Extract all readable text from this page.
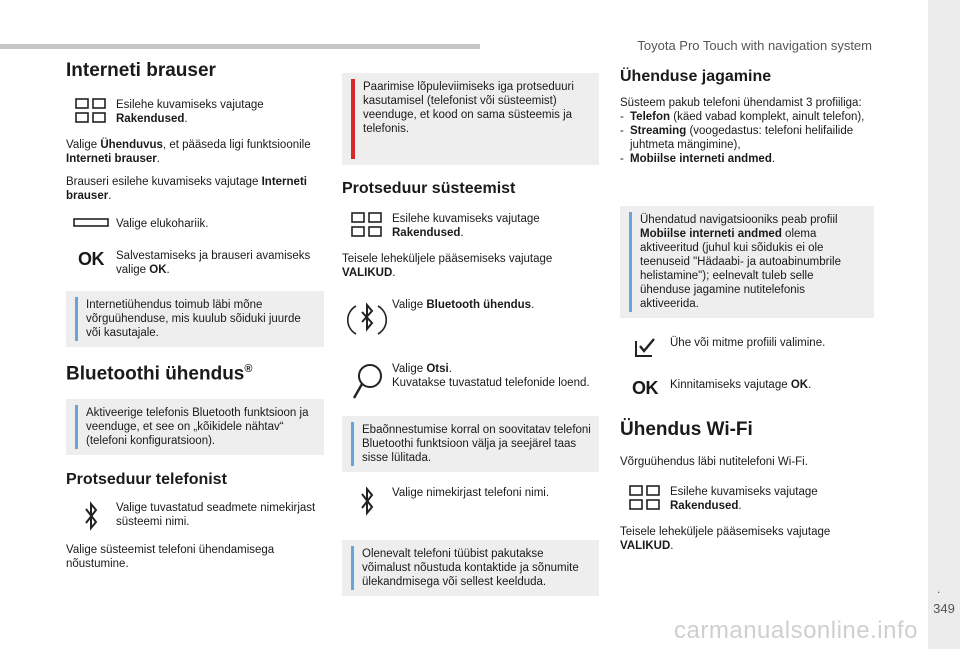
Toyota Pro Touch with navigation system
.
349
carmanualsonline.info
Interneti brauser

Esilehe kuvamiseks vajutage Rakendused.

Valige Ühenduvus, et pääseda ligi funktsioonile Interneti brauser.

Brauseri esilehe kuvamiseks vajutage Interneti brauser.

Valige elukohariik.

OK Salvestamiseks ja brauseri avamiseks valige OK.

Internetiühendus toimub läbi mõne võrguühenduse, mis kuulub sõiduki juurde või kasutajale.

Bluetoothi ühendus®

Aktiveerige telefonis Bluetooth funktsioon ja veenduge, et see on „kõikidele nähtav“ (telefoni konfiguratsioon).

Protseduur telefonist

Valige tuvastatud seadmete nimekirjast süsteemi nimi.

Valige süsteemist telefoni ühendamisega nõustumine.

Paarimise lõpuleviimiseks iga protseduuri kasutamisel (telefonist või süsteemist) veenduge, et kood on sama süsteemis ja telefonis.

Protseduur süsteemist

Esilehe kuvamiseks vajutage Rakendused.

Teisele leheküljele pääsemiseks vajutage VALIKUD.

Valige Bluetooth ühendus.

Valige Otsi.
Kuvatakse tuvastatud telefonide loend.

Ebaõnnestumise korral on soovitatav telefoni Bluetoothi funktsioon välja ja seejärel taas sisse lülitada.

Valige nimekirjast telefoni nimi.

Olenevalt telefoni tüübist pakutakse võimalust nõustuda kontaktide ja sõnumite ülekandmisega või sellest keelduda.

Ühenduse jagamine

Süsteem pakub telefoni ühendamist 3 profiiliga:

- Telefon (käed vabad komplekt, ainult telefon),
- Streaming (voogedastus: telefoni helifailide juhtmeta mängimine),
- Mobiilse interneti andmed.

Ühendatud navigatsiooniks peab profiil Mobiilse interneti andmed olema aktiveeritud (juhul kui sõidukis ei ole teenuseid "Hädaabi- ja autoabinumbrile helistamine"); eelnevalt tuleb selle ühenduse jagamine nutitelefonis aktiveerida.

Ühe või mitme profiili valimine.

OK Kinnitamiseks vajutage OK.

Ühendus Wi-Fi

Võrguühendus läbi nutitelefoni Wi-Fi.

Esilehe kuvamiseks vajutage Rakendused.

Teisele leheküljele pääsemiseks vajutage VALIKUD.
